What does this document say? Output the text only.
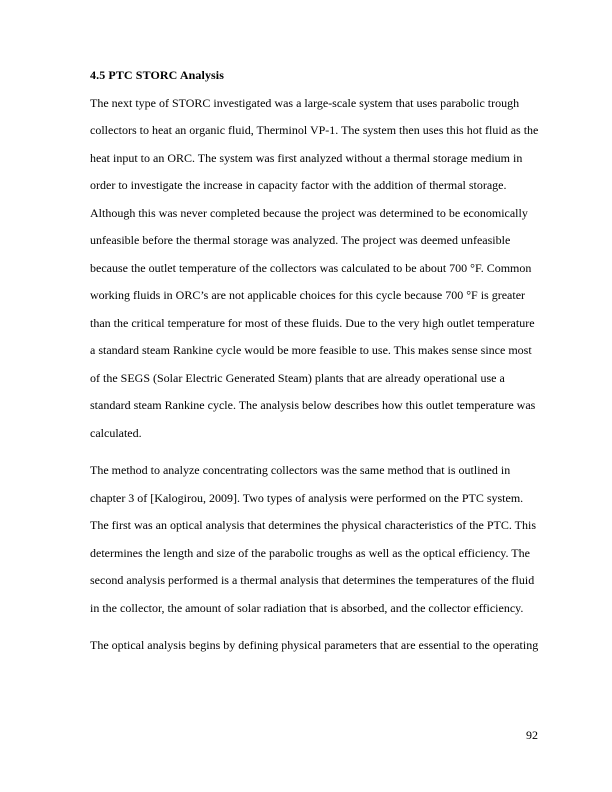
4.5 PTC STORC Analysis

The next type of STORC investigated was a large-scale system that uses parabolic trough collectors to heat an organic fluid, Therminol VP-1. The system then uses this hot fluid as the heat input to an ORC. The system was first analyzed without a thermal storage medium in order to investigate the increase in capacity factor with the addition of thermal storage. Although this was never completed because the project was determined to be economically unfeasible before the thermal storage was analyzed. The project was deemed unfeasible because the outlet temperature of the collectors was calculated to be about 700 °F. Common working fluids in ORC’s are not applicable choices for this cycle because 700 °F is greater than the critical temperature for most of these fluids. Due to the very high outlet temperature a standard steam Rankine cycle would be more feasible to use. This makes sense since most of the SEGS (Solar Electric Generated Steam) plants that are already operational use a standard steam Rankine cycle. The analysis below describes how this outlet temperature was calculated.

The method to analyze concentrating collectors was the same method that is outlined in chapter 3 of [Kalogirou, 2009]. Two types of analysis were performed on the PTC system. The first was an optical analysis that determines the physical characteristics of the PTC. This determines the length and size of the parabolic troughs as well as the optical efficiency. The second analysis performed is a thermal analysis that determines the temperatures of the fluid in the collector, the amount of solar radiation that is absorbed, and the collector efficiency.

The optical analysis begins by defining physical parameters that are essential to the operating

92
